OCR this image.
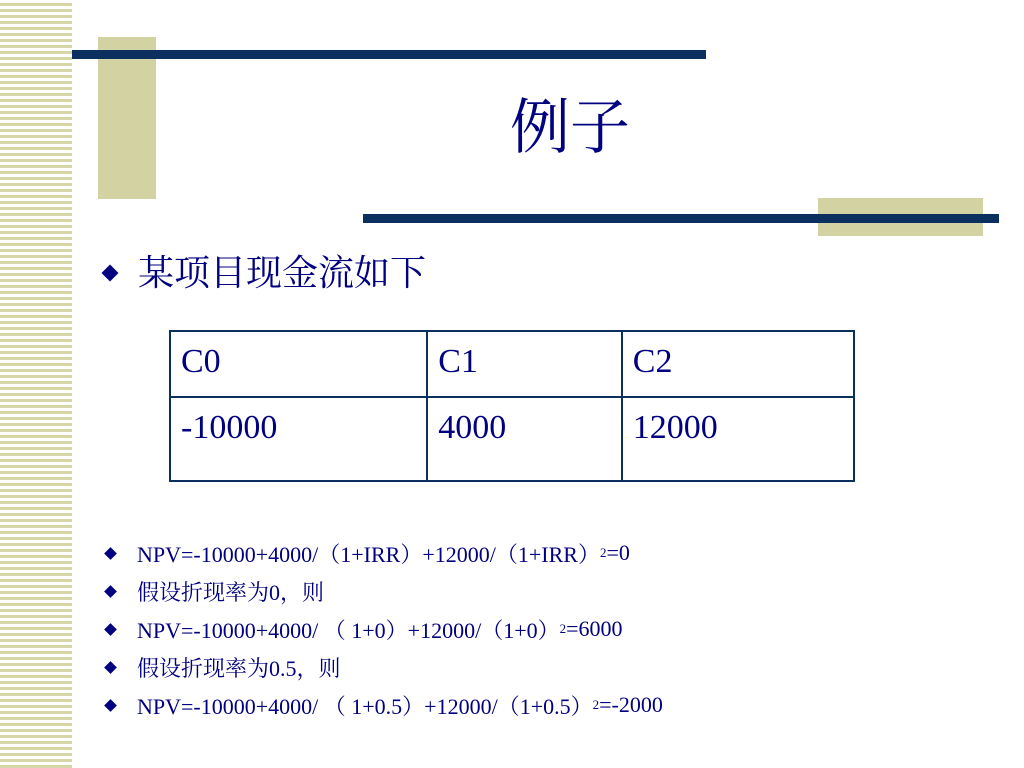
例子
某项目现金流如下
C0	C1	C2
-10000	4000	12000
NPV=-10000+4000/（1+IRR）+12000/（1+IRR） 2 =0
假设折现率为0，则
NPV=-10000+4000/ （ 1+0）+12000/（1+0） 2 =6000
假设折现率为0.5，则
NPV=-10000+4000/ （ 1+0.5）+12000/（1+0.5） 2 =-2000
